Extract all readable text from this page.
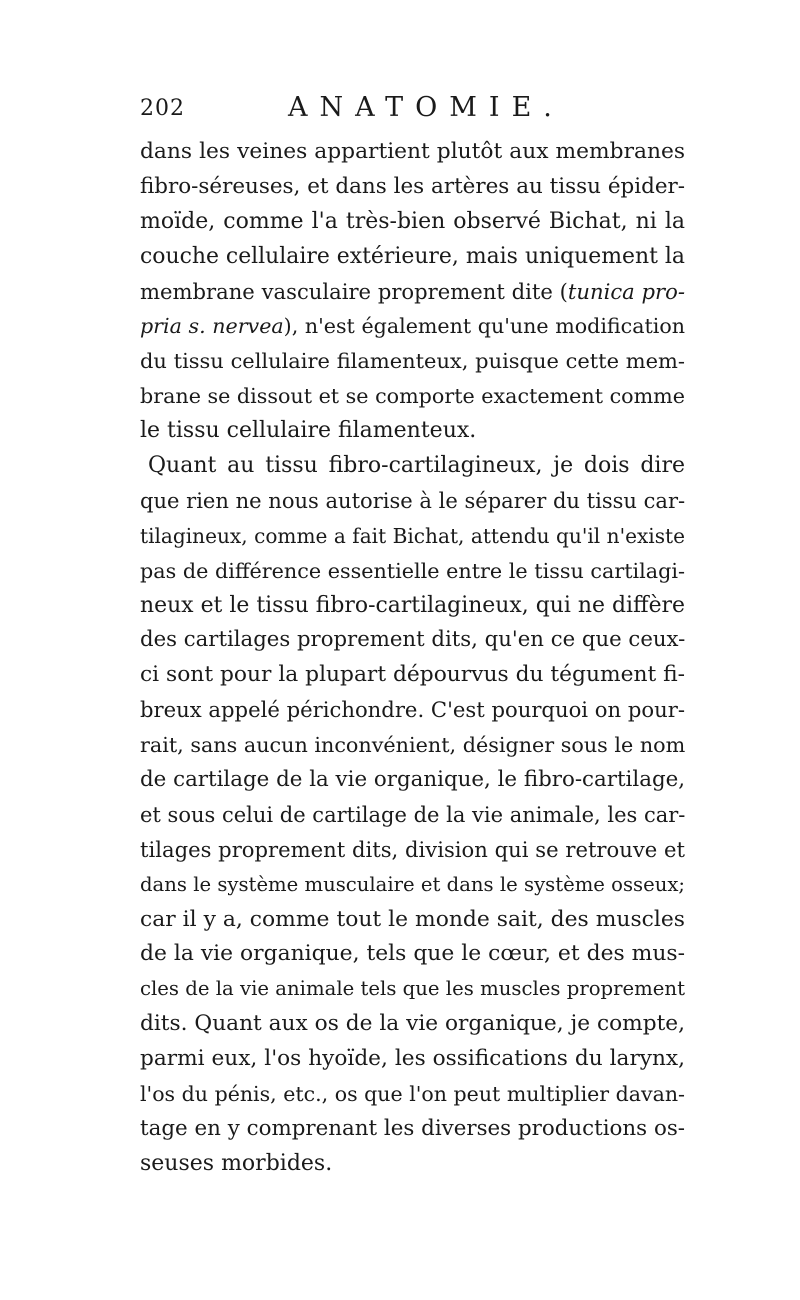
202	ANATOMIE.
dans les veines appartient plutôt aux membranes
fibro-séreuses, et dans les artères au tissu épider-
moïde, comme l'a très-bien observé Bichat, ni la
couche cellulaire extérieure, mais uniquement la
membrane vasculaire proprement dite (tunica pro-
pria s. nervea), n'est également qu'une modification
du tissu cellulaire filamenteux, puisque cette mem-
brane se dissout et se comporte exactement comme
le tissu cellulaire filamenteux.
Quant au tissu fibro-cartilagineux, je dois dire
que rien ne nous autorise à le séparer du tissu car-
tilagineux, comme a fait Bichat, attendu qu'il n'existe
pas de différence essentielle entre le tissu cartilagi-
neux et le tissu fibro-cartilagineux, qui ne diffère
des cartilages proprement dits, qu'en ce que ceux-
ci sont pour la plupart dépourvus du tégument fi-
breux appelé périchondre. C'est pourquoi on pour-
rait, sans aucun inconvénient, désigner sous le nom
de cartilage de la vie organique, le fibro-cartilage,
et sous celui de cartilage de la vie animale, les car-
tilages proprement dits, division qui se retrouve et
dans le système musculaire et dans le système osseux;
car il y a, comme tout le monde sait, des muscles
de la vie organique, tels que le cœur, et des mus-
cles de la vie animale tels que les muscles proprement
dits. Quant aux os de la vie organique, je compte,
parmi eux, l'os hyoïde, les ossifications du larynx,
l'os du pénis, etc., os que l'on peut multiplier davan-
tage en y comprenant les diverses productions os-
seuses morbides.
